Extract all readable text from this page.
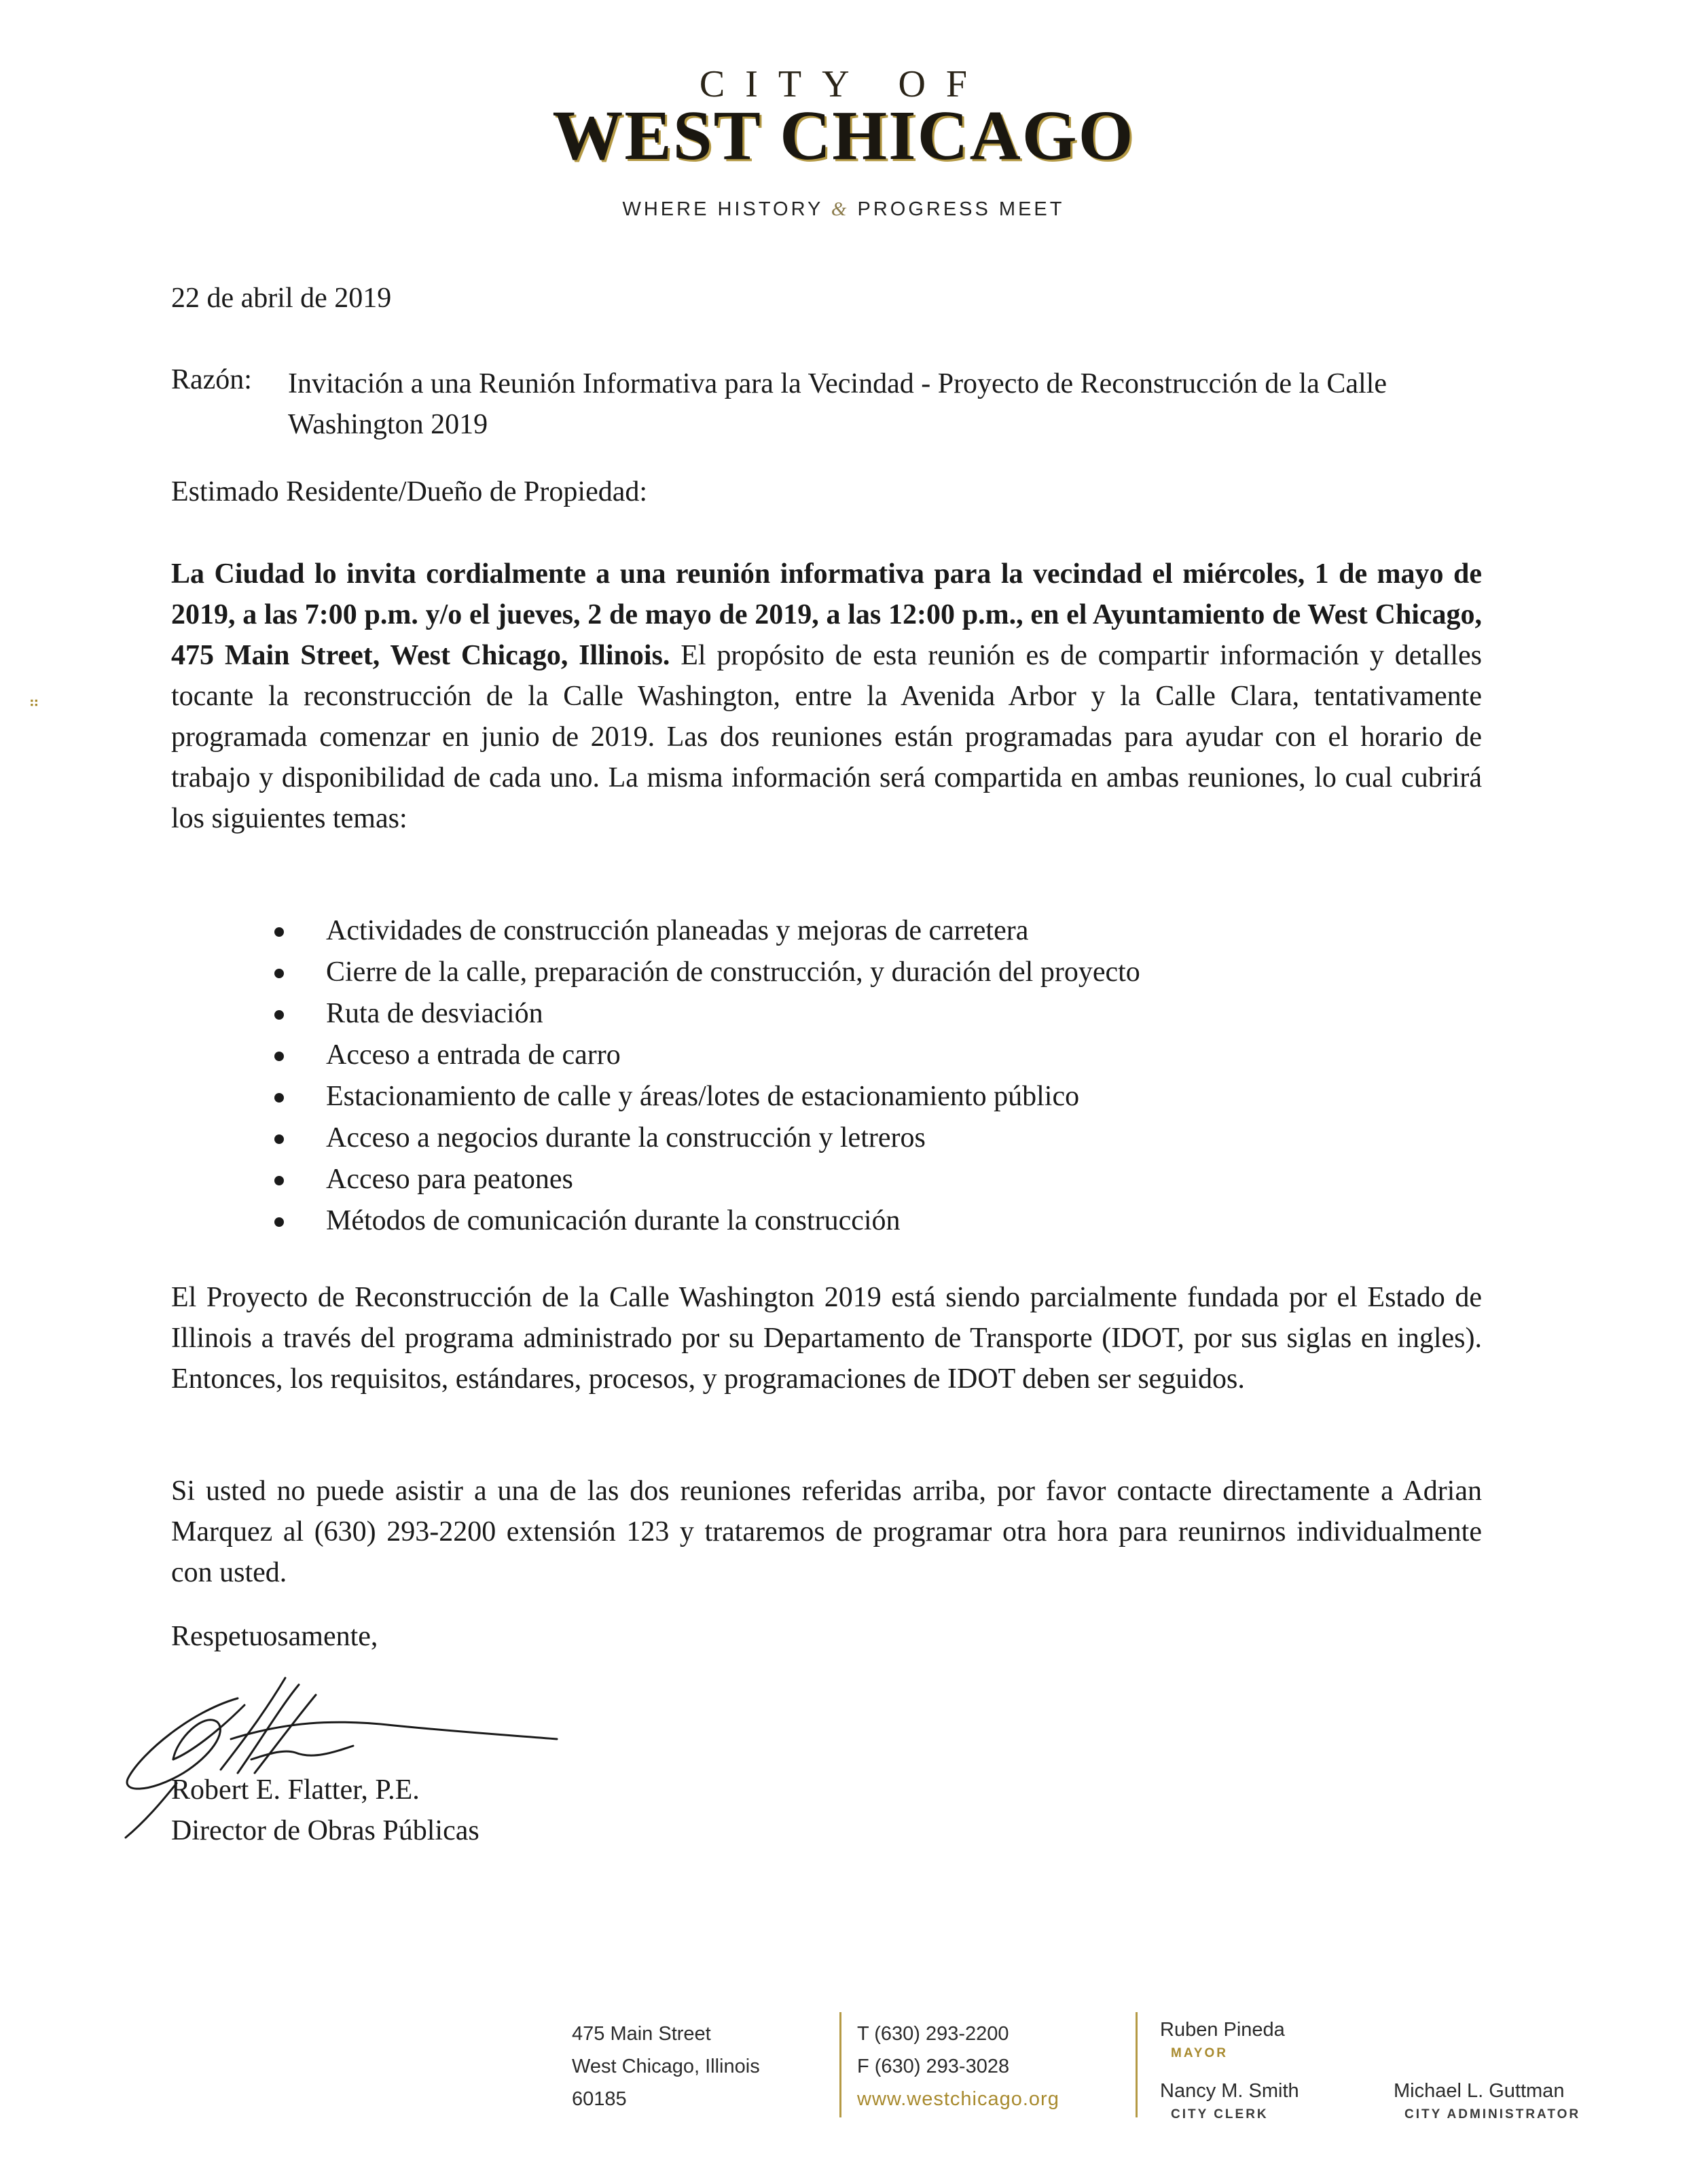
CITY OF
WEST CHICAGO
WHERE HISTORY & PROGRESS MEET
⠶
22 de abril de 2019
Razón: Invitación a una Reunión Informativa para la Vecindad - Proyecto de Reconstrucción de la Calle Washington 2019
Estimado Residente/Dueño de Propiedad:
La Ciudad lo invita cordialmente a una reunión informativa para la vecindad el miércoles, 1 de mayo de 2019, a las 7:00 p.m. y/o el jueves, 2 de mayo de 2019, a las 12:00 p.m., en el Ayuntamiento de West Chicago, 475 Main Street, West Chicago, Illinois. El propósito de esta reunión es de compartir información y detalles tocante la reconstrucción de la Calle Washington, entre la Avenida Arbor y la Calle Clara, tentativamente programada comenzar en junio de 2019. Las dos reuniones están programadas para ayudar con el horario de trabajo y disponibilidad de cada uno. La misma información será compartida en ambas reuniones, lo cual cubrirá los siguientes temas:
Actividades de construcción planeadas y mejoras de carretera
Cierre de la calle, preparación de construcción, y duración del proyecto
Ruta de desviación
Acceso a entrada de carro
Estacionamiento de calle y áreas/lotes de estacionamiento público
Acceso a negocios durante la construcción y letreros
Acceso para peatones
Métodos de comunicación durante la construcción
El Proyecto de Reconstrucción de la Calle Washington 2019 está siendo parcialmente fundada por el Estado de Illinois a través del programa administrado por su Departamento de Transporte (IDOT, por sus siglas en ingles). Entonces, los requisitos, estándares, procesos, y programaciones de IDOT deben ser seguidos.
Si usted no puede asistir a una de las dos reuniones referidas arriba, por favor contacte directamente a Adrian Marquez al (630) 293-2200 extensión 123 y trataremos de programar otra hora para reunirnos individualmente con usted.
Respetuosamente,
Robert E. Flatter, P.E.
Director de Obras Públicas
475 Main Street
West Chicago, Illinois
60185
T (630) 293-2200
F (630) 293-3028
www.westchicago.org
Ruben Pineda
MAYOR
Nancy M. Smith
CITY CLERK
Michael L. Guttman
CITY ADMINISTRATOR
